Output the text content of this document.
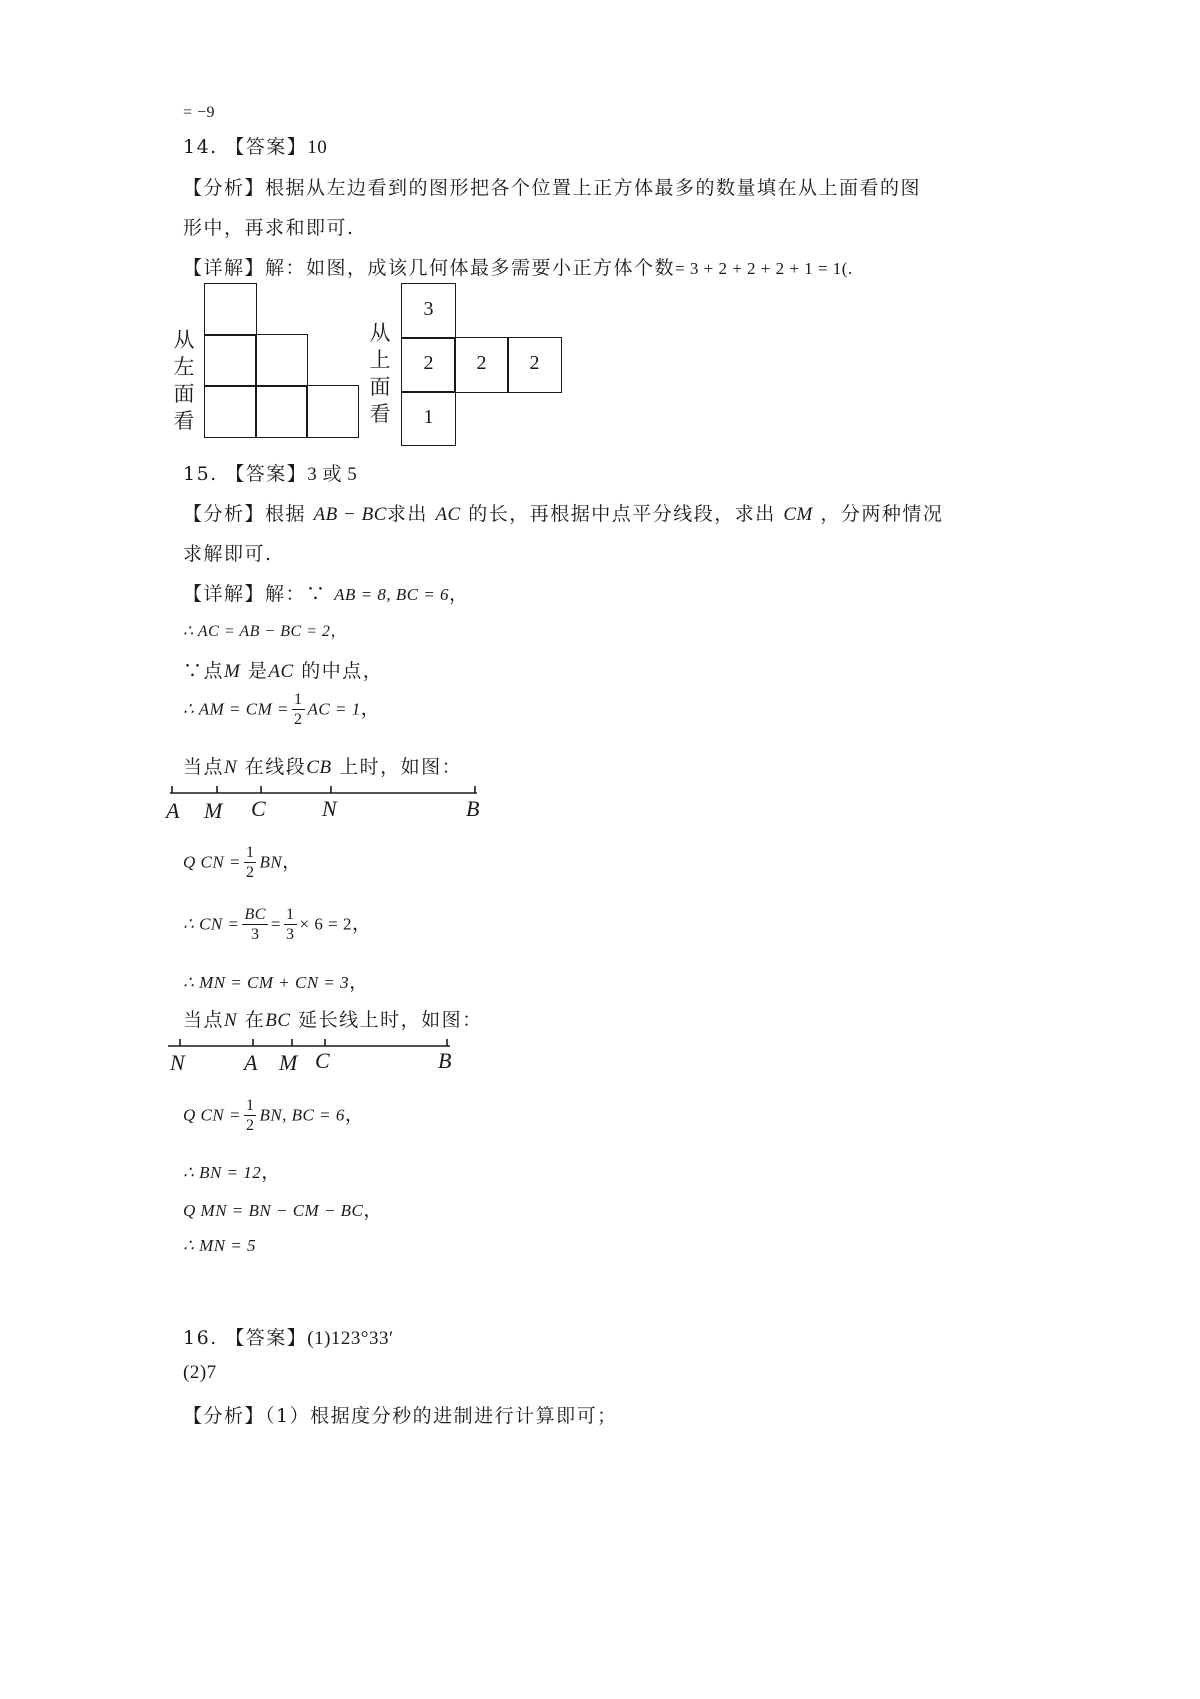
= −9
14. 【答案】10
【分析】根据从左边看到的图形把各个位置上正方体最多的数量填在从上面看的图
形中，再求和即可.
【详解】解：如图，成该几何体最多需要小正方体个数= 3 + 2 + 2 + 2 + 1 = 1(.
从
左
面
看
从
上
面
看
3
2	2	2
1
15. 【答案】3 或 5
【分析】根据 AB − BC求出 AC 的长，再根据中点平分线段，求出 CM ，分两种情况
求解即可.
【详解】解：∵ AB = 8, BC = 6，
∴ AC = AB − BC = 2，
∵点M 是AC 的中点，
∴ AM = CM = $\frac{1}{2}$ AC = 1，
当点N 在线段CB 上时，如图：
A M C	N	B
Q CN = $\frac{1}{2}$ BN，
∴ CN = $\frac{BC}{3} = \frac{1}{3} \times 6 = 2$，
∴ MN = CM + CN = 3，
当点N 在BC 延长线上时，如图：
N	A M C	B
Q CN = $\frac{1}{2}$ BN, BC = 6，
∴ BN = 12，
Q MN = BN − CM − BC，
∴ MN = 5
16. 【答案】(1)123°33′
(2)7
【分析】（1）根据度分秒的进制进行计算即可；
